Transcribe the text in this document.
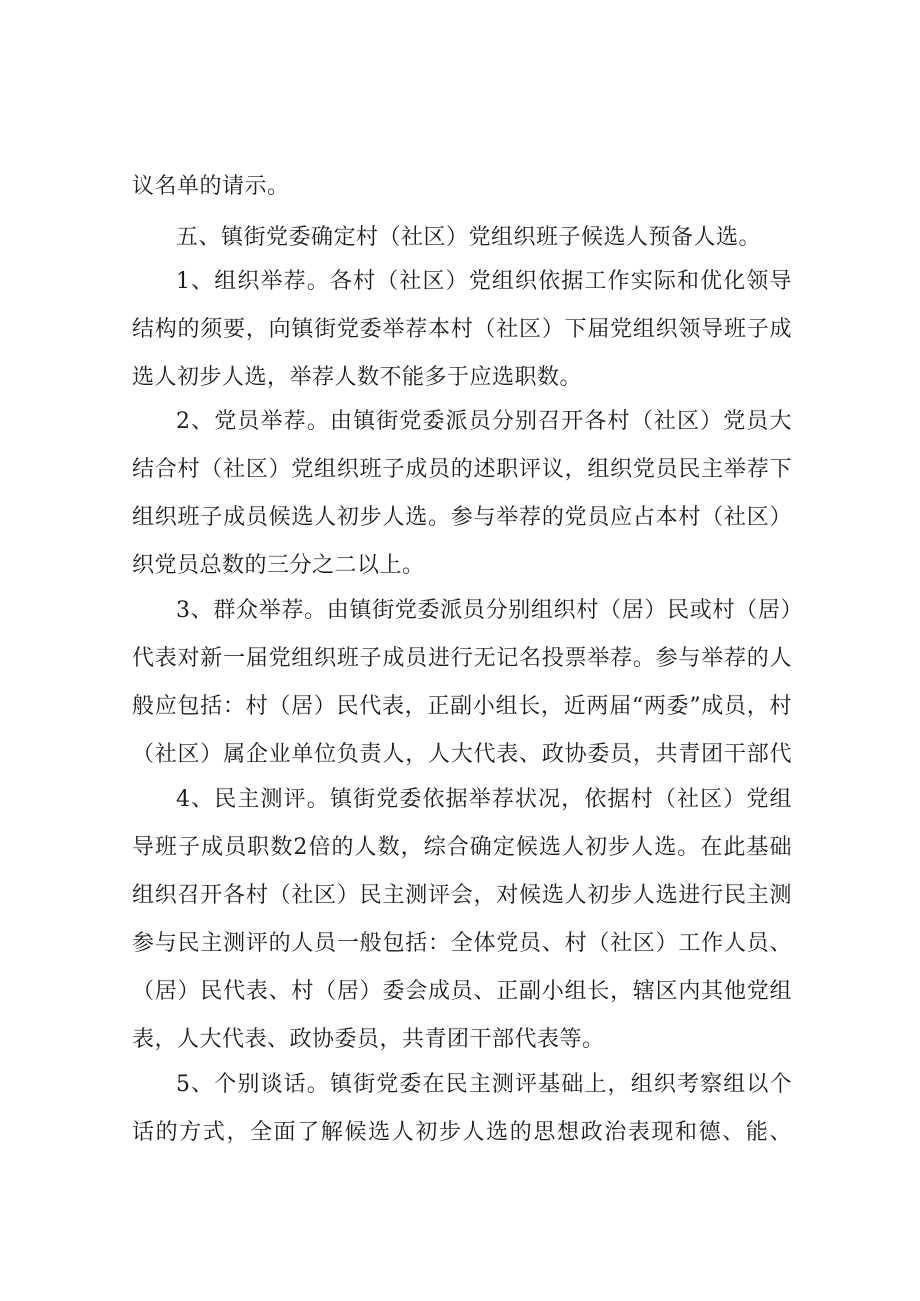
议名单的请示。
五、镇街党委确定村（社区）党组织班子候选人预备人选。
1、组织举荐。各村（社区）党组织依据工作实际和优化领导
结构的须要，向镇街党委举荐本村（社区）下届党组织领导班子成
选人初步人选，举荐人数不能多于应选职数。
2、党员举荐。由镇街党委派员分别召开各村（社区）党员大
结合村（社区）党组织班子成员的述职评议，组织党员民主举荐下
组织班子成员候选人初步人选。参与举荐的党员应占本村（社区）
织党员总数的三分之二以上。
3、群众举荐。由镇街党委派员分别组织村（居）民或村（居）
代表对新一届党组织班子成员进行无记名投票举荐。参与举荐的人
般应包括：村（居）民代表，正副小组长，近两届“两委”成员，村
（社区）属企业单位负责人，人大代表、政协委员，共青团干部代
4、民主测评。镇街党委依据举荐状况，依据村（社区）党组
导班子成员职数2倍的人数，综合确定候选人初步人选。在此基础
组织召开各村（社区）民主测评会，对候选人初步人选进行民主测
参与民主测评的人员一般包括：全体党员、村（社区）工作人员、
（居）民代表、村（居）委会成员、正副小组长，辖区内其他党组
表，人大代表、政协委员，共青团干部代表等。
5、个别谈话。镇街党委在民主测评基础上，组织考察组以个
话的方式，全面了解候选人初步人选的思想政治表现和德、能、
